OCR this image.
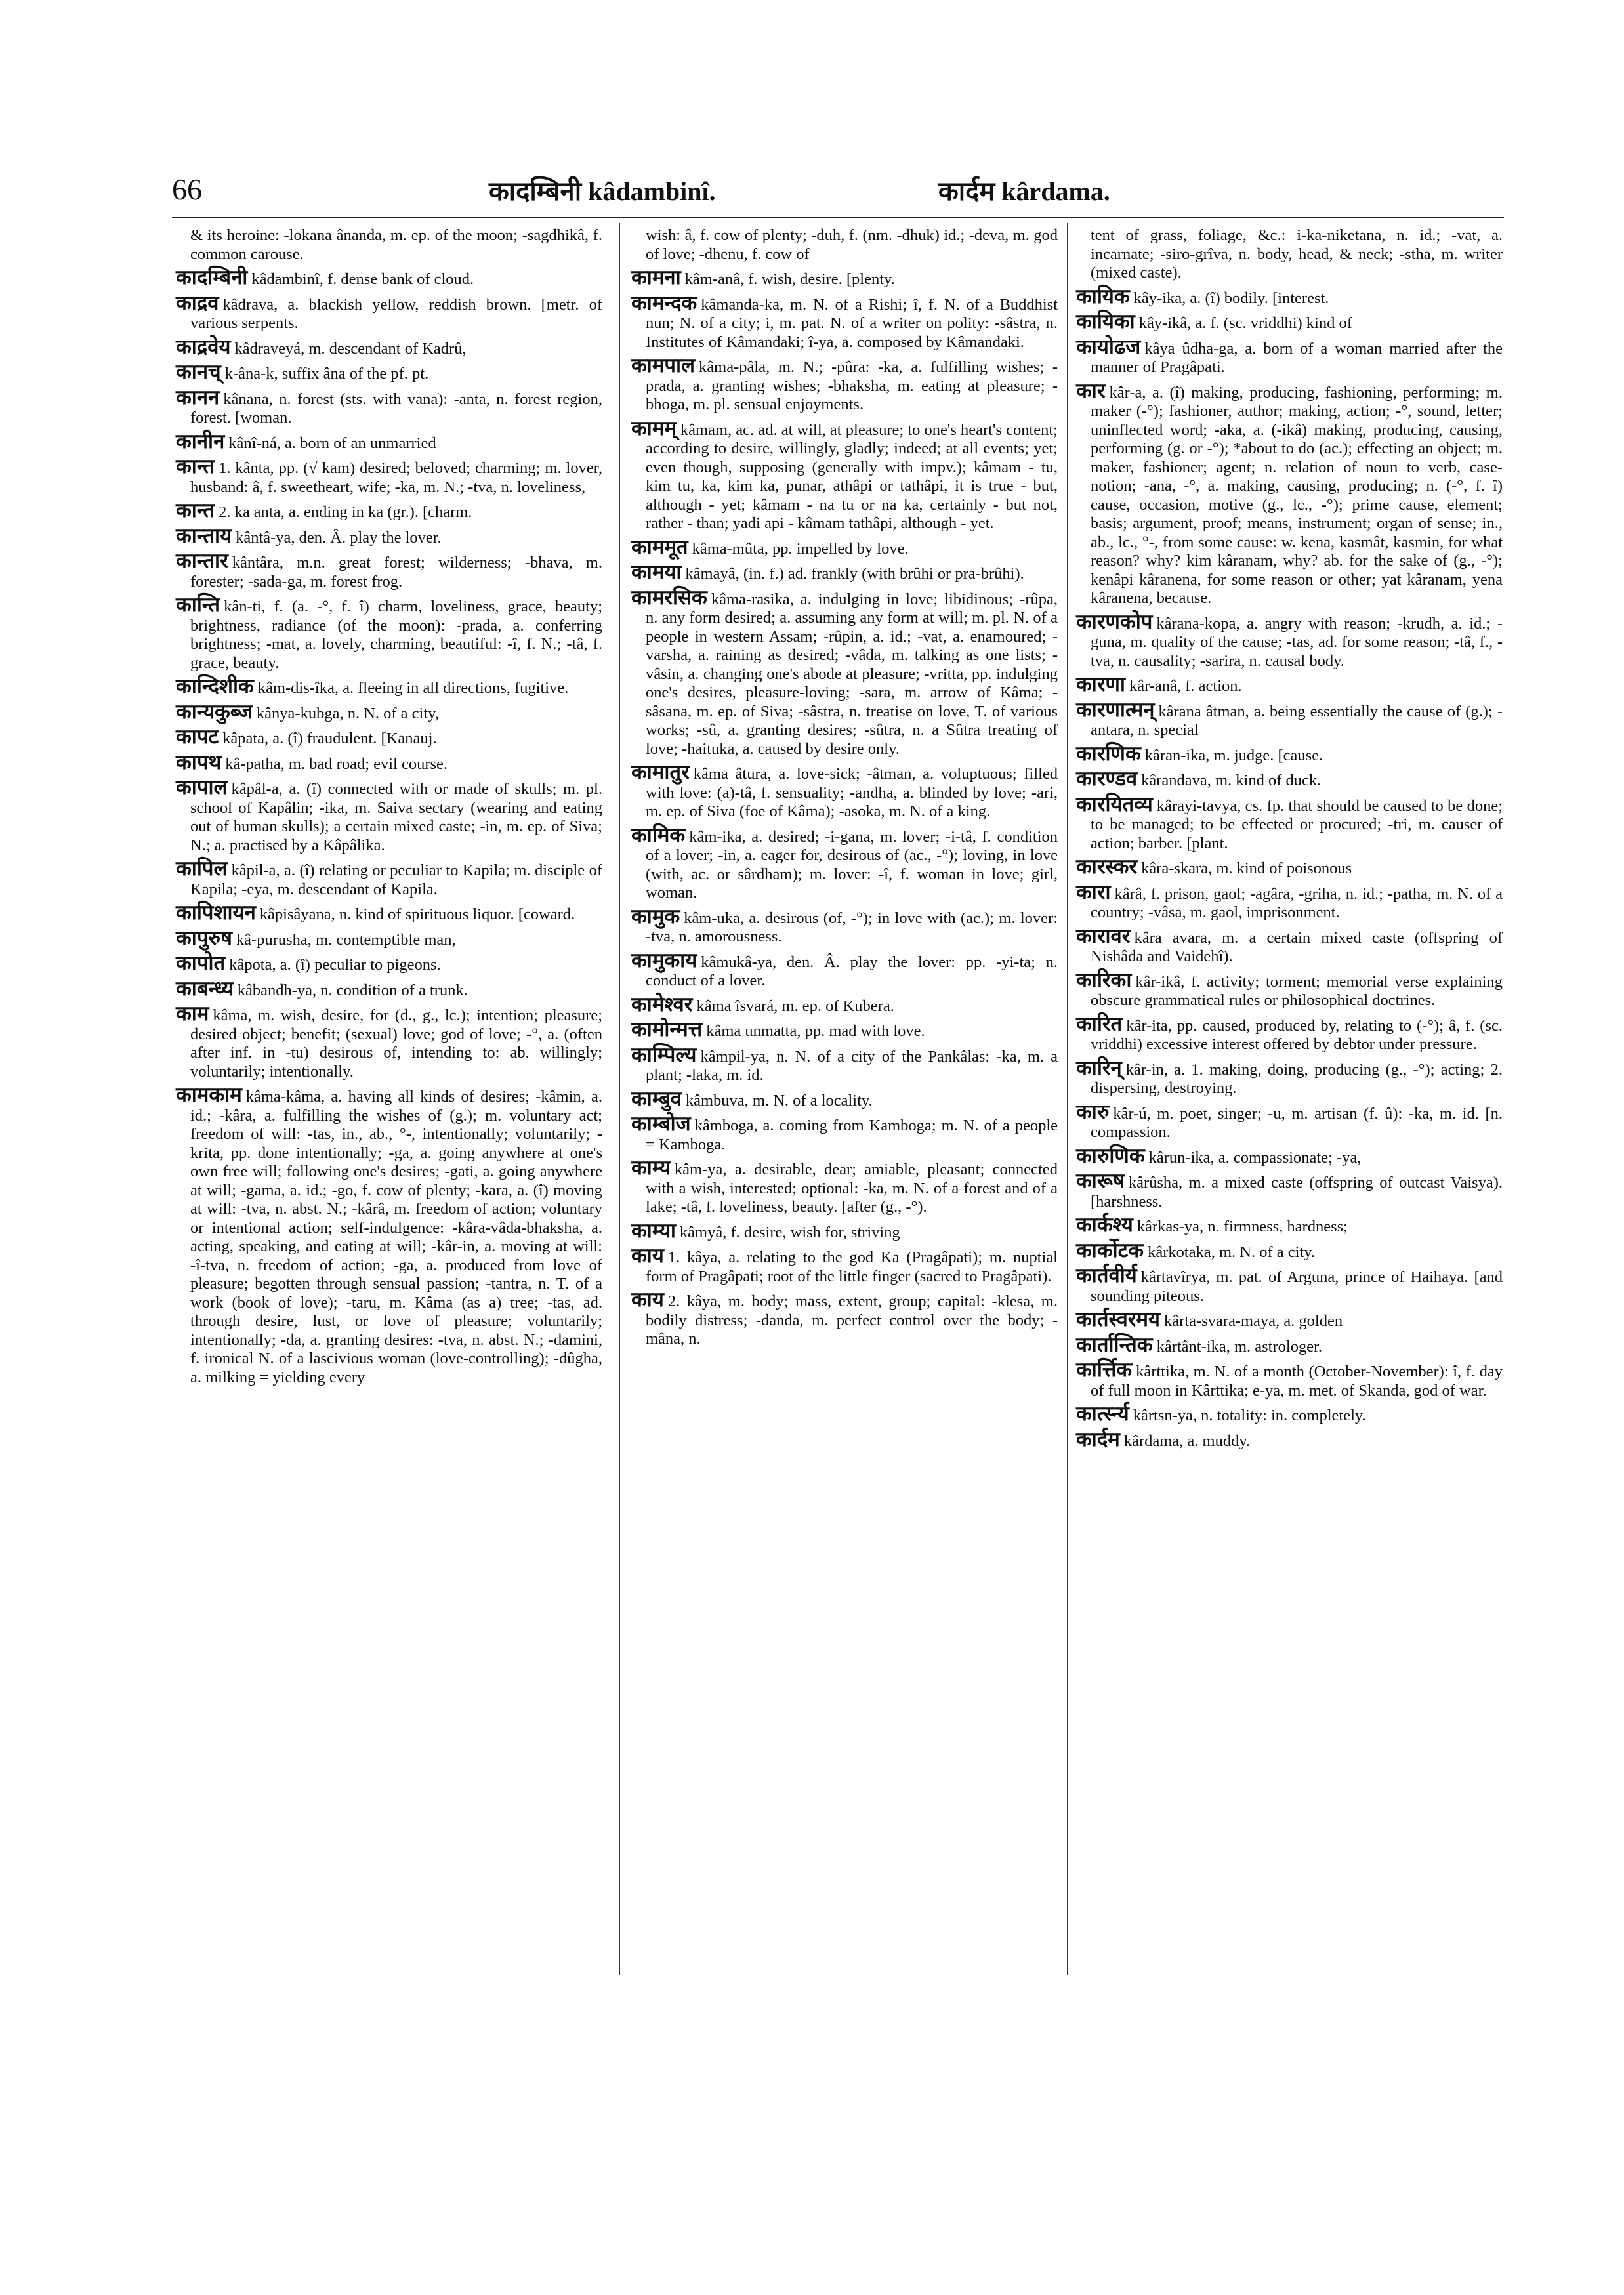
66	कादम्बिनी kâdambinî.	कार्दम kârdama.
& its heroine: -lokana ânanda, m. ep. of the moon; -sagdhikâ, f. common carouse.
कादम्बिनी kâdambinî, f. dense bank of cloud.
काद्रव kâdrava, a. blackish yellow, reddish brown. [metr. of various serpents.
काद्रवेय kâdraveyá, m. descendant of Kadrû,
कानच् k-âna-k, suffix âna of the pf. pt.
कानन kânana, n. forest (sts. with vana): -anta, n. forest region, forest. [woman.
कानीन kânî-ná, a. born of an unmarried
कान्त 1. kânta, pp. (√ kam) desired; beloved; charming; m. lover, husband: â, f. sweetheart, wife; -ka, m. N.; -tva, n. loveliness,
कान्त 2. ka anta, a. ending in ka (gr.). [charm.
कान्ताय kântâ-ya, den. Â. play the lover.
कान्तार kântâra, m.n. great forest; wilderness; -bhava, m. forester; -sada-ga, m. forest frog.
कान्ति kân-ti, f. (a. -°, f. î) charm, loveliness, grace, beauty; brightness, radiance (of the moon): -prada, a. conferring brightness; -mat, a. lovely, charming, beautiful: -î, f. N.; -tâ, f. grace, beauty.
कान्दिशीक kâm-dis-îka, a. fleeing in all directions, fugitive.
कान्यकुब्ज kânya-kubga, n. N. of a city,
कापट kâpata, a. (î) fraudulent. [Kanauj.
कापथ kâ-patha, m. bad road; evil course.
कापाल kâpâl-a, a. (î) connected with or made of skulls; m. pl. school of Kapâlin; -ika, m. Saiva sectary (wearing and eating out of human skulls); a certain mixed caste; -in, m. ep. of Siva; N.; a. practised by a Kâpâlika.
कापिल kâpil-a, a. (î) relating or peculiar to Kapila; m. disciple of Kapila; -eya, m. descendant of Kapila.
कापिशायन kâpisâyana, n. kind of spirituous liquor. [coward.
कापुरुष kâ-purusha, m. contemptible man,
कापोत kâpota, a. (î) peculiar to pigeons.
काबन्ध्य kâbandh-ya, n. condition of a trunk.
काम kâma, m. wish, desire, for (d., g., lc.); intention; pleasure; desired object; benefit; (sexual) love; god of love; -°, a. (often after inf. in -tu) desirous of, intending to: ab. willingly; voluntarily; intentionally.
कामकाम kâma-kâma, a. having all kinds of desires; -kâmin, a. id.; -kâra, a. fulfilling the wishes of (g.); m. voluntary act; freedom of will: -tas, in., ab., °-, intentionally; voluntarily; -krita, pp. done intentionally; -ga, a. going anywhere at one's own free will; following one's desires; -gati, a. going anywhere at will; -gama, a. id.; -go, f. cow of plenty; -kara, a. (î) moving at will: -tva, n. abst. N.; -kârâ, m. freedom of action; voluntary or intentional action; self-indulgence: -kâra-vâda-bhaksha, a. acting, speaking, and eating at will; -kâr-in, a. moving at will: -î-tva, n. freedom of action; -ga, a. produced from love of pleasure; begotten through sensual passion; -tantra, n. T. of a work (book of love); -taru, m. Kâma (as a) tree; -tas, ad. through desire, lust, or love of pleasure; voluntarily; intentionally; -da, a. granting desires: -tva, n. abst. N.; -damini, f. ironical N. of a lascivious woman (love-controlling); -dûgha, a. milking = yielding every
wish: â, f. cow of plenty; -duh, f. (nm. -dhuk) id.; -deva, m. god of love; -dhenu, f. cow of
कामना kâm-anâ, f. wish, desire. [plenty.
कामन्दक kâmanda-ka, m. N. of a Rishi; î, f. N. of a Buddhist nun; N. of a city; i, m. pat. N. of a writer on polity: -sâstra, n. Institutes of Kâmandaki; î-ya, a. composed by Kâmandaki.
कामपाल kâma-pâla, m. N.; -pûra: -ka, a. fulfilling wishes; -prada, a. granting wishes; -bhaksha, m. eating at pleasure; -bhoga, m. pl. sensual enjoyments.
कामम् kâmam, ac. ad. at will, at pleasure; to one's heart's content; according to desire, willingly, gladly; indeed; at all events; yet; even though, supposing (generally with impv.); kâmam - tu, kim tu, ka, kim ka, punar, athâpi or tathâpi, it is true - but, although - yet; kâmam - na tu or na ka, certainly - but not, rather - than; yadi api - kâmam tathâpi, although - yet.
काममूत kâma-mûta, pp. impelled by love.
कामया kâmayâ, (in. f.) ad. frankly (with brûhi or pra-brûhi).
कामरसिक kâma-rasika, a. indulging in love; libidinous; -rûpa, n. any form desired; a. assuming any form at will; m. pl. N. of a people in western Assam; -rûpin, a. id.; -vat, a. enamoured; -varsha, a. raining as desired; -vâda, m. talking as one lists; -vâsin, a. changing one's abode at pleasure; -vritta, pp. indulging one's desires, pleasure-loving; -sara, m. arrow of Kâma; -sâsana, m. ep. of Siva; -sâstra, n. treatise on love, T. of various works; -sû, a. granting desires; -sûtra, n. a Sûtra treating of love; -haituka, a. caused by desire only.
कामातुर kâma âtura, a. love-sick; -âtman, a. voluptuous; filled with love: (a)-tâ, f. sensuality; -andha, a. blinded by love; -ari, m. ep. of Siva (foe of Kâma); -asoka, m. N. of a king.
कामिक kâm-ika, a. desired; -i-gana, m. lover; -i-tâ, f. condition of a lover; -in, a. eager for, desirous of (ac., -°); loving, in love (with, ac. or sârdham); m. lover: -î, f. woman in love; girl, woman.
कामुक kâm-uka, a. desirous (of, -°); in love with (ac.); m. lover: -tva, n. amorousness.
कामुकाय kâmukâ-ya, den. Â. play the lover: pp. -yi-ta; n. conduct of a lover.
कामेश्वर kâma îsvará, m. ep. of Kubera.
कामोन्मत्त kâma unmatta, pp. mad with love.
काम्पिल्य kâmpil-ya, n. N. of a city of the Pankâlas: -ka, m. a plant; -laka, m. id.
काम्बुव kâmbuva, m. N. of a locality.
काम्बोज kâmboga, a. coming from Kamboga; m. N. of a people = Kamboga.
काम्य kâm-ya, a. desirable, dear; amiable, pleasant; connected with a wish, interested; optional: -ka, m. N. of a forest and of a lake; -tâ, f. loveliness, beauty. [after (g., -°).
काम्या kâmyâ, f. desire, wish for, striving
काय 1. kâya, a. relating to the god Ka (Pragâpati); m. nuptial form of Pragâpati; root of the little finger (sacred to Pragâpati).
काय 2. kâya, m. body; mass, extent, group; capital: -klesa, m. bodily distress; -danda, m. perfect control over the body; -mâna, n.
tent of grass, foliage, &c.: i-ka-niketana, n. id.; -vat, a. incarnate; -siro-grîva, n. body, head, & neck; -stha, m. writer (mixed caste).
कायिक kây-ika, a. (î) bodily. [interest.
कायिका kây-ikâ, a. f. (sc. vriddhi) kind of
कायोढज kâya ûdha-ga, a. born of a woman married after the manner of Pragâpati.
कार kâr-a, a. (î) making, producing, fashioning, performing; m. maker (-°); fashioner, author; making, action; -°, sound, letter; uninflected word; -aka, a. (-ikâ) making, producing, causing, performing (g. or -°); *about to do (ac.); effecting an object; m. maker, fashioner; agent; n. relation of noun to verb, case-notion; -ana, -°, a. making, causing, producing; n. (-°, f. î) cause, occasion, motive (g., lc., -°); prime cause, element; basis; argument, proof; means, instrument; organ of sense; in., ab., lc., °-, from some cause: w. kena, kasmât, kasmin, for what reason? why? kim kâranam, why? ab. for the sake of (g., -°); kenâpi kâranena, for some reason or other; yat kâranam, yena kâranena, because.
कारणकोप kârana-kopa, a. angry with reason; -krudh, a. id.; -guna, m. quality of the cause; -tas, ad. for some reason; -tâ, f., -tva, n. causality; -sarira, n. causal body.
कारणा kâr-anâ, f. action.
कारणात्मन् kârana âtman, a. being essentially the cause of (g.); -antara, n. special
कारणिक kâran-ika, m. judge. [cause.
कारण्डव kârandava, m. kind of duck.
कारयितव्य kârayi-tavya, cs. fp. that should be caused to be done; to be managed; to be effected or procured; -tri, m. causer of action; barber. [plant.
कारस्कर kâra-skara, m. kind of poisonous
कारा kârâ, f. prison, gaol; -agâra, -griha, n. id.; -patha, m. N. of a country; -vâsa, m. gaol, imprisonment.
कारावर kâra avara, m. a certain mixed caste (offspring of Nishâda and Vaidehî).
कारिका kâr-ikâ, f. activity; torment; memorial verse explaining obscure grammatical rules or philosophical doctrines.
कारित kâr-ita, pp. caused, produced by, relating to (-°); â, f. (sc. vriddhi) excessive interest offered by debtor under pressure.
कारिन् kâr-in, a. 1. making, doing, producing (g., -°); acting; 2. dispersing, destroying.
कारु kâr-ú, m. poet, singer; -u, m. artisan (f. û): -ka, m. id. [n. compassion.
कारुणिक kârun-ika, a. compassionate; -ya,
कारूष kârûsha, m. a mixed caste (offspring of outcast Vaisya). [harshness.
कार्कश्य kârkas-ya, n. firmness, hardness;
कार्कोटक kârkotaka, m. N. of a city.
कार्तवीर्य kârtavîrya, m. pat. of Arguna, prince of Haihaya. [and sounding piteous.
कार्तस्वरमय kârta-svara-maya, a. golden
कार्तान्तिक kârtânt-ika, m. astrologer.
कार्त्तिक kârttika, m. N. of a month (October-November): î, f. day of full moon in Kârttika; e-ya, m. met. of Skanda, god of war.
कार्त्स्न्य kârtsn-ya, n. totality: in. completely.
कार्दम kârdama, a. muddy.
